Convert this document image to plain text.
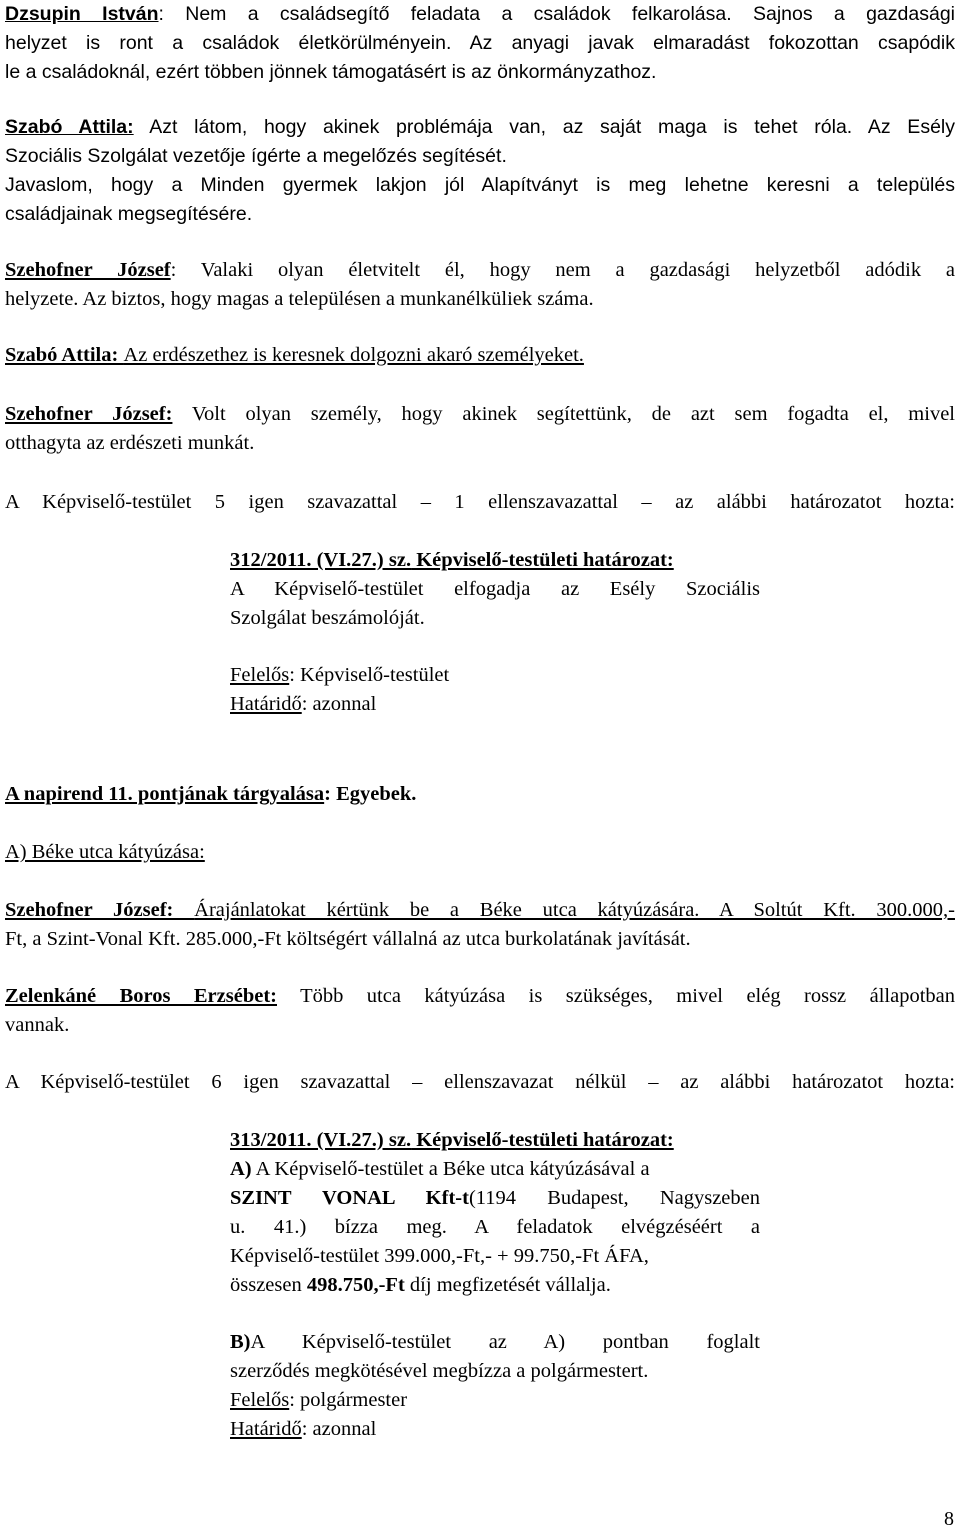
Dzsupin István: Nem a családsegítő feladata a családok felkarolása. Sajnos a gazdasági
helyzet is ront a családok életkörülményein. Az anyagi javak elmaradást fokozottan csapódik
le a családoknál, ezért többen jönnek támogatásért is az önkormányzathoz.
Szabó Attila: Azt látom, hogy akinek problémája van, az saját maga is tehet róla. Az Esély
Szociális Szolgálat vezetője ígérte a megelőzés segítését.
Javaslom, hogy a Minden gyermek lakjon jól Alapítványt is meg lehetne keresni a település
családjainak megsegítésére.
Szehofner József: Valaki olyan életvitelt él, hogy nem a gazdasági helyzetből adódik a
helyzete. Az biztos, hogy magas a településen a munkanélküliek száma.
Szabó Attila: Az erdészethez is keresnek dolgozni akaró személyeket.
Szehofner József: Volt olyan személy, hogy akinek segítettünk, de azt sem fogadta el, mivel
otthagyta az erdészeti munkát.
A Képviselő-testület 5 igen szavazattal – 1 ellenszavazattal – az alábbi határozatot hozta:
312/2011. (VI.27.) sz. Képviselő-testületi határozat:
A Képviselő-testület elfogadja az Esély Szociális
Szolgálat beszámolóját.
Felelős: Képviselő-testület
Határidő: azonnal
A napirend 11. pontjának tárgyalása: Egyebek.
A) Béke utca kátyúzása:
Szehofner József: Árajánlatokat kértünk be a Béke utca kátyúzására. A Soltút Kft. 300.000,-
Ft, a Szint-Vonal Kft. 285.000,-Ft költségért vállalná az utca burkolatának javítását.
Zelenkáné Boros Erzsébet: Több utca kátyúzása is szükséges, mivel elég rossz állapotban
vannak.
A Képviselő-testület 6 igen szavazattal – ellenszavazat nélkül – az alábbi határozatot hozta:
313/2011. (VI.27.) sz. Képviselő-testületi határozat:
A) A Képviselő-testület a Béke utca kátyúzásával a
SZINT VONAL Kft-t(1194 Budapest, Nagyszeben
u. 41.) bízza meg. A feladatok elvégzéséért a
Képviselő-testület 399.000,-Ft,- + 99.750,-Ft ÁFA,
összesen 498.750,-Ft díj megfizetését vállalja.
B)A Képviselő-testület az A) pontban foglalt
szerződés megkötésével megbízza a polgármestert.
Felelős: polgármester
Határidő: azonnal
8
